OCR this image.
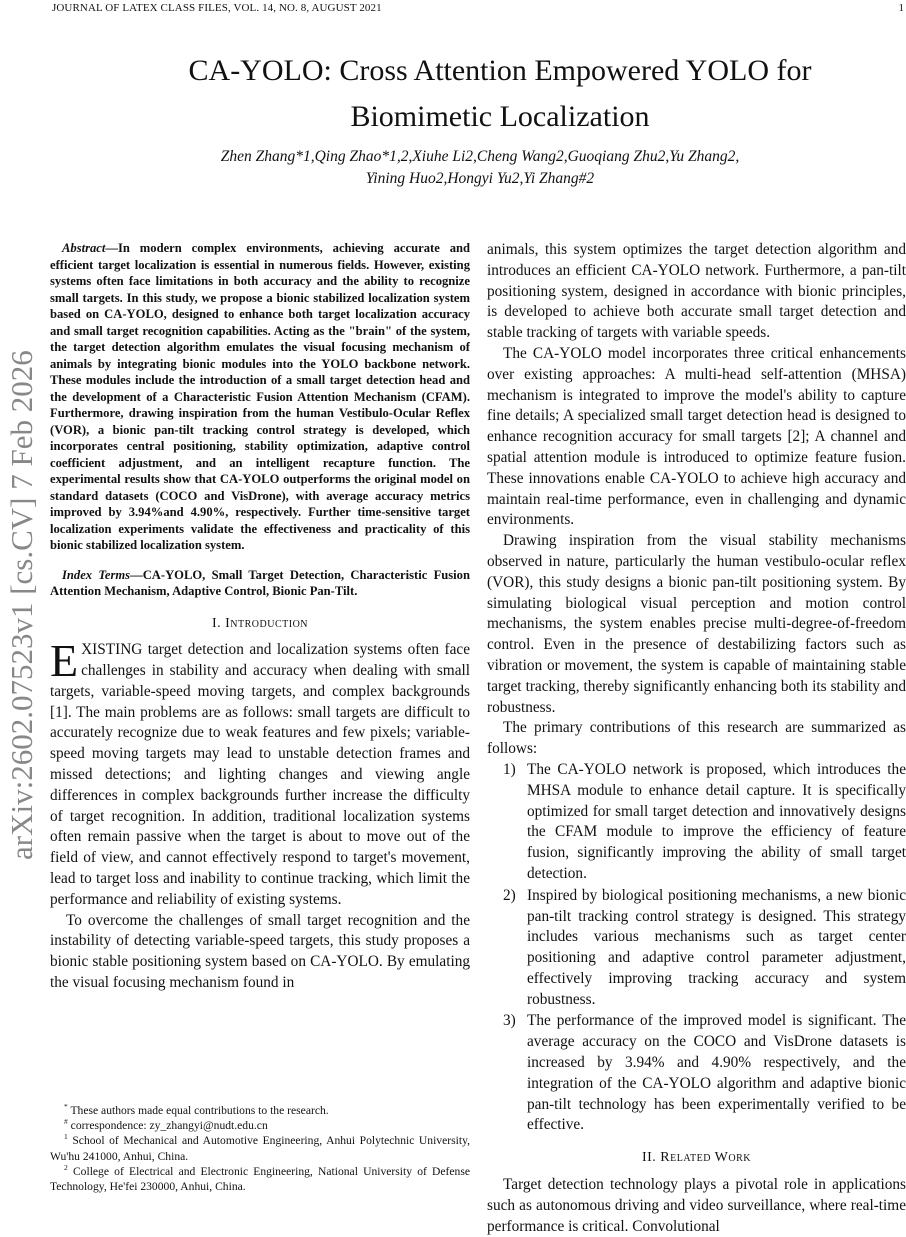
JOURNAL OF LATEX CLASS FILES, VOL. 14, NO. 8, AUGUST 2021	1
arXiv:2602.07523v1 [cs.CV] 7 Feb 2026
CA-YOLO: Cross Attention Empowered YOLO for Biomimetic Localization
Zhen Zhang*1,Qing Zhao*1,2,Xiuhe Li2,Cheng Wang2,Guoqiang Zhu2,Yu Zhang2,
Yining Huo2,Hongyi Yu2,Yi Zhang#2

Abstract—In modern complex environments, achieving accurate and efficient target localization is essential in numerous fields. However, existing systems often face limitations in both accuracy and the ability to recognize small targets. In this study, we propose a bionic stabilized localization system based on CA-YOLO, designed to enhance both target localization accuracy and small target recognition capabilities. Acting as the "brain" of the system, the target detection algorithm emulates the visual focusing mechanism of animals by integrating bionic modules into the YOLO backbone network. These modules include the introduction of a small target detection head and the development of a Characteristic Fusion Attention Mechanism (CFAM). Furthermore, drawing inspiration from the human Vestibulo-Ocular Reflex (VOR), a bionic pan-tilt tracking control strategy is developed, which incorporates central positioning, stability optimization, adaptive control coefficient adjustment, and an intelligent recapture function. The experimental results show that CA-YOLO outperforms the original model on standard datasets (COCO and VisDrone), with average accuracy metrics improved by 3.94%and 4.90%, respectively. Further time-sensitive target localization experiments validate the effectiveness and practicality of this bionic stabilized localization system.

Index Terms—CA-YOLO, Small Target Detection, Characteristic Fusion Attention Mechanism, Adaptive Control, Bionic Pan-Tilt.

I. Introduction

EXISTING target detection and localization systems often face challenges in stability and accuracy when dealing with small targets, variable-speed moving targets, and complex backgrounds [1]. The main problems are as follows: small targets are difficult to accurately recognize due to weak features and few pixels; variable-speed moving targets may lead to unstable detection frames and missed detections; and lighting changes and viewing angle differences in complex backgrounds further increase the difficulty of target recognition. In addition, traditional localization systems often remain passive when the target is about to move out of the field of view, and cannot effectively respond to target's movement, lead to target loss and inability to continue tracking, which limit the performance and reliability of existing systems.

To overcome the challenges of small target recognition and the instability of detecting variable-speed targets, this study proposes a bionic stable positioning system based on CA-YOLO. By emulating the visual focusing mechanism found in

* These authors made equal contributions to the research.

# correspondence: zy_zhangyi@nudt.edu.cn

$^1$ School of Mechanical and Automotive Engineering, Anhui Polytechnic University, Wu'hu 241000, Anhui, China.

$^2$ College of Electrical and Electronic Engineering, National University of Defense Technology, He'fei 230000, Anhui, China.

animals, this system optimizes the target detection algorithm and introduces an efficient CA-YOLO network. Furthermore, a pan-tilt positioning system, designed in accordance with bionic principles, is developed to achieve both accurate small target detection and stable tracking of targets with variable speeds.

The CA-YOLO model incorporates three critical enhancements over existing approaches: A multi-head self-attention (MHSA) mechanism is integrated to improve the model's ability to capture fine details; A specialized small target detection head is designed to enhance recognition accuracy for small targets [2]; A channel and spatial attention module is introduced to optimize feature fusion. These innovations enable CA-YOLO to achieve high accuracy and maintain real-time performance, even in challenging and dynamic environments.

Drawing inspiration from the visual stability mechanisms observed in nature, particularly the human vestibulo-ocular reflex (VOR), this study designs a bionic pan-tilt positioning system. By simulating biological visual perception and motion control mechanisms, the system enables precise multi-degree-of-freedom control. Even in the presence of destabilizing factors such as vibration or movement, the system is capable of maintaining stable target tracking, thereby significantly enhancing both its stability and robustness.

The primary contributions of this research are summarized as follows:

1) The CA-YOLO network is proposed, which introduces the MHSA module to enhance detail capture. It is specifically optimized for small target detection and innovatively designs the CFAM module to improve the efficiency of feature fusion, significantly improving the ability of small target detection.
2) Inspired by biological positioning mechanisms, a new bionic pan-tilt tracking control strategy is designed. This strategy includes various mechanisms such as target center positioning and adaptive control parameter adjustment, effectively improving tracking accuracy and system robustness.
3) The performance of the improved model is significant. The average accuracy on the COCO and VisDrone datasets is increased by 3.94% and 4.90% respectively, and the integration of the CA-YOLO algorithm and adaptive bionic pan-tilt technology has been experimentally verified to be effective.
II. Related Work

Target detection technology plays a pivotal role in applications such as autonomous driving and video surveillance, where real-time performance is critical. Convolutional
